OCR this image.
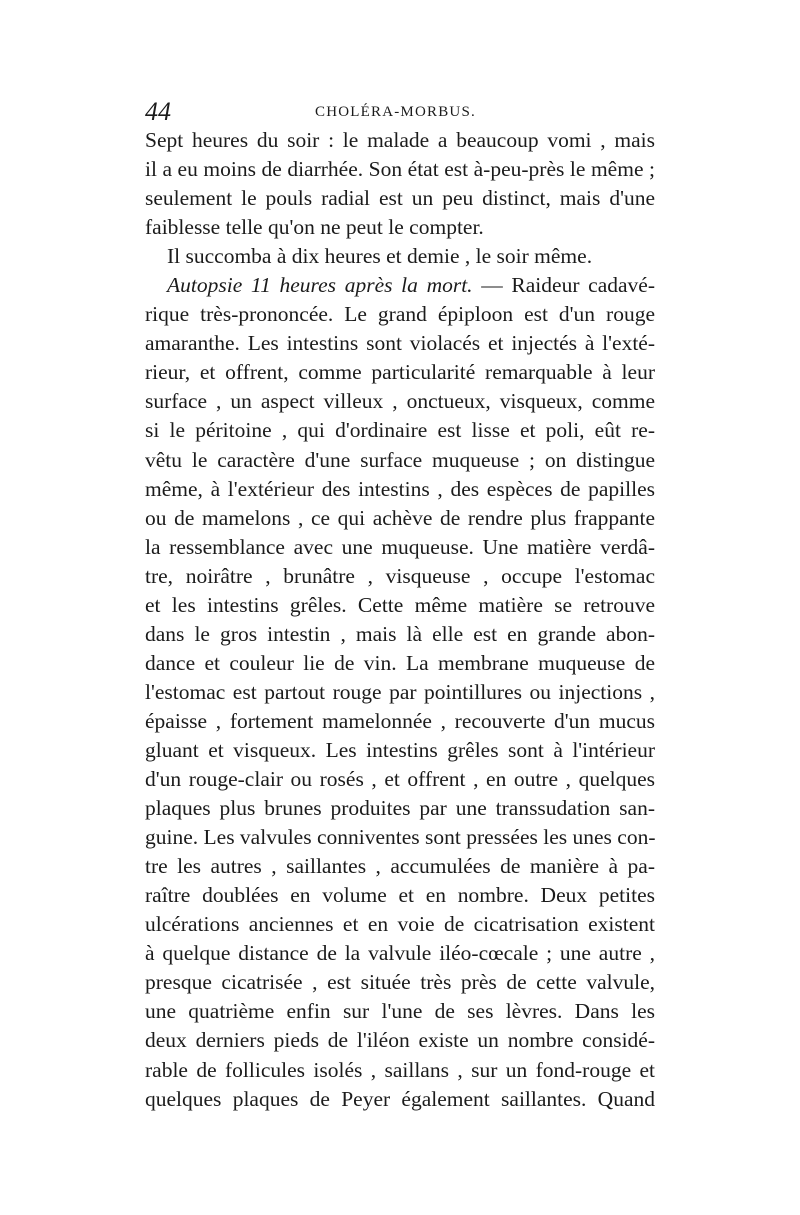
44	CHOLÉRA-MORBUS.
Sept heures du soir : le malade a beaucoup vomi , mais
il a eu moins de diarrhée. Son état est à-peu-près le même ;
seulement le pouls radial est un peu distinct, mais d'une
faiblesse telle qu'on ne peut le compter.
Il succomba à dix heures et demie , le soir même.
Autopsie 11 heures après la mort. — Raideur cadavé-
rique très-prononcée. Le grand épiploon est d'un rouge
amaranthe. Les intestins sont violacés et injectés à l'exté-
rieur, et offrent, comme particularité remarquable à leur
surface , un aspect villeux , onctueux, visqueux, comme
si le péritoine , qui d'ordinaire est lisse et poli, eût re-
vêtu le caractère d'une surface muqueuse ; on distingue
même, à l'extérieur des intestins , des espèces de papilles
ou de mamelons , ce qui achève de rendre plus frappante
la ressemblance avec une muqueuse. Une matière verdâ-
tre, noirâtre , brunâtre , visqueuse , occupe l'estomac
et les intestins grêles. Cette même matière se retrouve
dans le gros intestin , mais là elle est en grande abon-
dance et couleur lie de vin. La membrane muqueuse de
l'estomac est partout rouge par pointillures ou injections ,
épaisse , fortement mamelonnée , recouverte d'un mucus
gluant et visqueux. Les intestins grêles sont à l'intérieur
d'un rouge-clair ou rosés , et offrent , en outre , quelques
plaques plus brunes produites par une transsudation san-
guine. Les valvules conniventes sont pressées les unes con-
tre les autres , saillantes , accumulées de manière à pa-
raître doublées en volume et en nombre. Deux petites
ulcérations anciennes et en voie de cicatrisation existent
à quelque distance de la valvule iléo-cœcale ; une autre ,
presque cicatrisée , est située très près de cette valvule,
une quatrième enfin sur l'une de ses lèvres. Dans les
deux derniers pieds de l'iléon existe un nombre considé-
rable de follicules isolés , saillans , sur un fond-rouge et
quelques plaques de Peyer également saillantes. Quand
